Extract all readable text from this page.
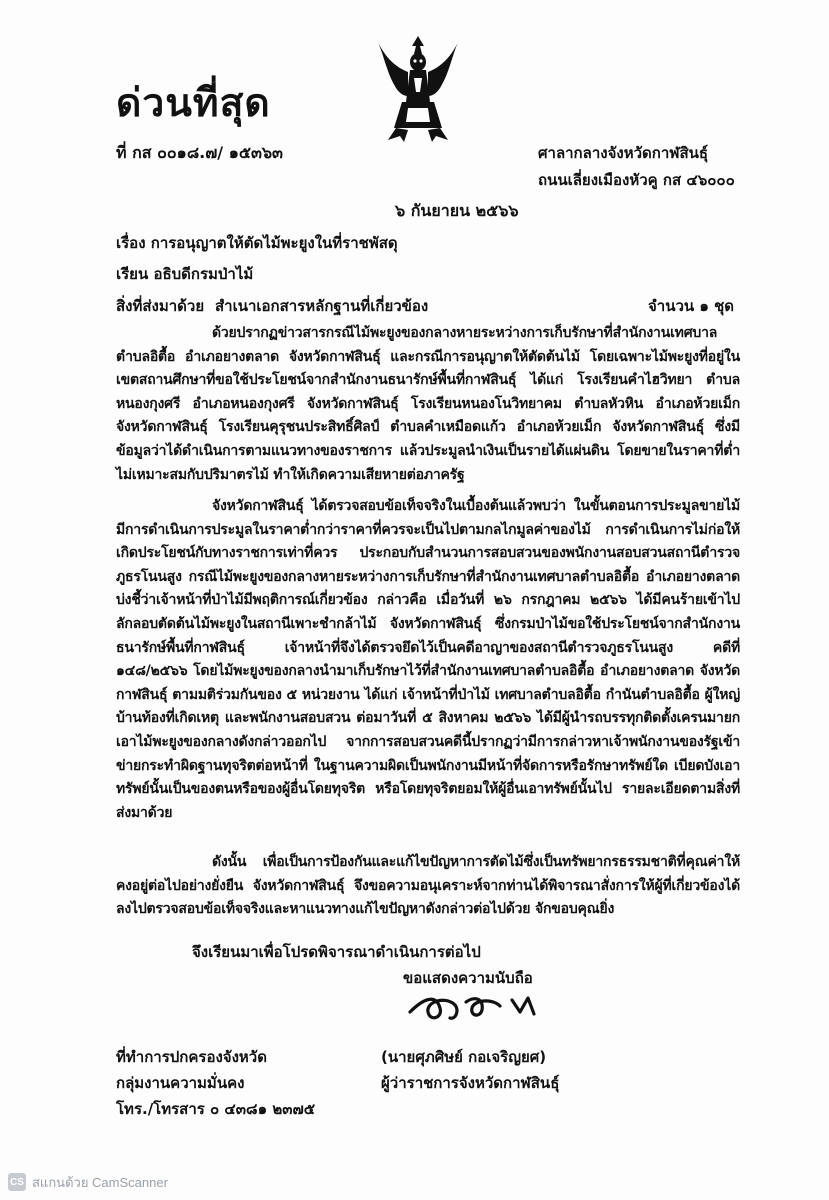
ด่วนที่สุด
ที่ กส ๐๐๑๘.๗/ ๑๕๓๖๓	ศาลากลางจังหวัดกาฬสินธุ์
ถนนเลี่ยงเมืองหัวคู กส ๔๖๐๐๐
๖ กันยายน ๒๕๖๖
เรื่อง การอนุญาตให้ตัดไม้พะยูงในที่ราชพัสดุ
เรียน อธิบดีกรมป่าไม้
สิ่งที่ส่งมาด้วย สำเนาเอกสารหลักฐานที่เกี่ยวข้อง	จำนวน ๑ ชุด
ด้วยปรากฏข่าวสารกรณีไม้พะยูงของกลางหายระหว่างการเก็บรักษาที่สำนักงานเทศบาลตำบลอิตื้อ อำเภอยางตลาด จังหวัดกาฬสินธุ์ และกรณีการอนุญาตให้ตัดต้นไม้ โดยเฉพาะไม้พะยูงที่อยู่ในเขตสถานศึกษาที่ขอใช้ประโยชน์จากสำนักงานธนารักษ์พื้นที่กาฬสินธุ์ ได้แก่ โรงเรียนคำไฮวิทยา ตำบลหนองกุงศรี อำเภอหนองกุงศรี จังหวัดกาฬสินธุ์ โรงเรียนหนองโนวิทยาคม ตำบลหัวหิน อำเภอห้วยเม็ก จังหวัดกาฬสินธุ์ โรงเรียนคุรุชนประสิทธิ์ศิลป์ ตำบลคำเหมือดแก้ว อำเภอห้วยเม็ก จังหวัดกาฬสินธุ์ ซึ่งมีข้อมูลว่าได้ดำเนินการตามแนวทางของราชการ แล้วประมูลนำเงินเป็นรายได้แผ่นดิน โดยขายในราคาที่ต่ำไม่เหมาะสมกับปริมาตรไม้ ทำให้เกิดความเสียหายต่อภาครัฐ
จังหวัดกาฬสินธุ์ ได้ตรวจสอบข้อเท็จจริงในเบื้องต้นแล้วพบว่า ในขั้นตอนการประมูลขายไม้ มีการดำเนินการประมูลในราคาต่ำกว่าราคาที่ควรจะเป็นไปตามกลไกมูลค่าของไม้ การดำเนินการไม่ก่อให้เกิดประโยชน์กับทางราชการเท่าที่ควร ประกอบกับสำนวนการสอบสวนของพนักงานสอบสวนสถานีตำรวจภูธรโนนสูง กรณีไม้พะยูงของกลางหายระหว่างการเก็บรักษาที่สำนักงานเทศบาลตำบลอิตื้อ อำเภอยางตลาด บ่งชี้ว่าเจ้าหน้าที่ป่าไม้มีพฤติการณ์เกี่ยวข้อง กล่าวคือ เมื่อวันที่ ๒๖ กรกฎาคม ๒๕๖๖ ได้มีคนร้ายเข้าไปลักลอบตัดต้นไม้พะยูงในสถานีเพาะชำกล้าไม้ จังหวัดกาฬสินธุ์ ซึ่งกรมป่าไม้ขอใช้ประโยชน์จากสำนักงานธนารักษ์พื้นที่กาฬสินธุ์ เจ้าหน้าที่จึงได้ตรวจยึดไว้เป็นคดีอาญาของสถานีตำรวจภูธรโนนสูง คดีที่ ๑๔๘/๒๕๖๖ โดยไม้พะยูงของกลางนำมาเก็บรักษาไว้ที่สำนักงานเทศบาลตำบลอิตื้อ อำเภอยางตลาด จังหวัดกาฬสินธุ์ ตามมติร่วมกันของ ๕ หน่วยงาน ได้แก่ เจ้าหน้าที่ป่าไม้ เทศบาลตำบลอิตื้อ กำนันตำบลอิตื้อ ผู้ใหญ่บ้านท้องที่เกิดเหตุ และพนักงานสอบสวน ต่อมาวันที่ ๕ สิงหาคม ๒๕๖๖ ได้มีผู้นำรถบรรทุกติดตั้งเครนมายกเอาไม้พะยูงของกลางดังกล่าวออกไป จากการสอบสวนคดีนี้ปรากฏว่ามีการกล่าวหาเจ้าพนักงานของรัฐเข้าข่ายกระทำผิดฐานทุจริตต่อหน้าที่ ในฐานความผิดเป็นพนักงานมีหน้าที่จัดการหรือรักษาทรัพย์ใด เบียดบังเอาทรัพย์นั้นเป็นของตนหรือของผู้อื่นโดยทุจริต หรือโดยทุจริตยอมให้ผู้อื่นเอาทรัพย์นั้นไป รายละเอียดตามสิ่งที่ส่งมาด้วย
ดังนั้น เพื่อเป็นการป้องกันและแก้ไขปัญหาการตัดไม้ซึ่งเป็นทรัพยากรธรรมชาติที่คุณค่าให้คงอยู่ต่อไปอย่างยั่งยืน จังหวัดกาฬสินธุ์ จึงขอความอนุเคราะห์จากท่านได้พิจารณาสั่งการให้ผู้ที่เกี่ยวข้องได้ลงไปตรวจสอบข้อเท็จจริงและหาแนวทางแก้ไขปัญหาดังกล่าวต่อไปด้วย จักขอบคุณยิ่ง
จึงเรียนมาเพื่อโปรดพิจารณาดำเนินการต่อไป
ขอแสดงความนับถือ
ที่ทำการปกครองจังหวัด
กลุ่มงานความมั่นคง
โทร./โทรสาร ๐ ๔๓๘๑ ๒๓๗๕
(นายศุภศิษย์ กอเจริญยศ)
ผู้ว่าราชการจังหวัดกาฬสินธุ์
CS สแกนด้วย CamScanner
